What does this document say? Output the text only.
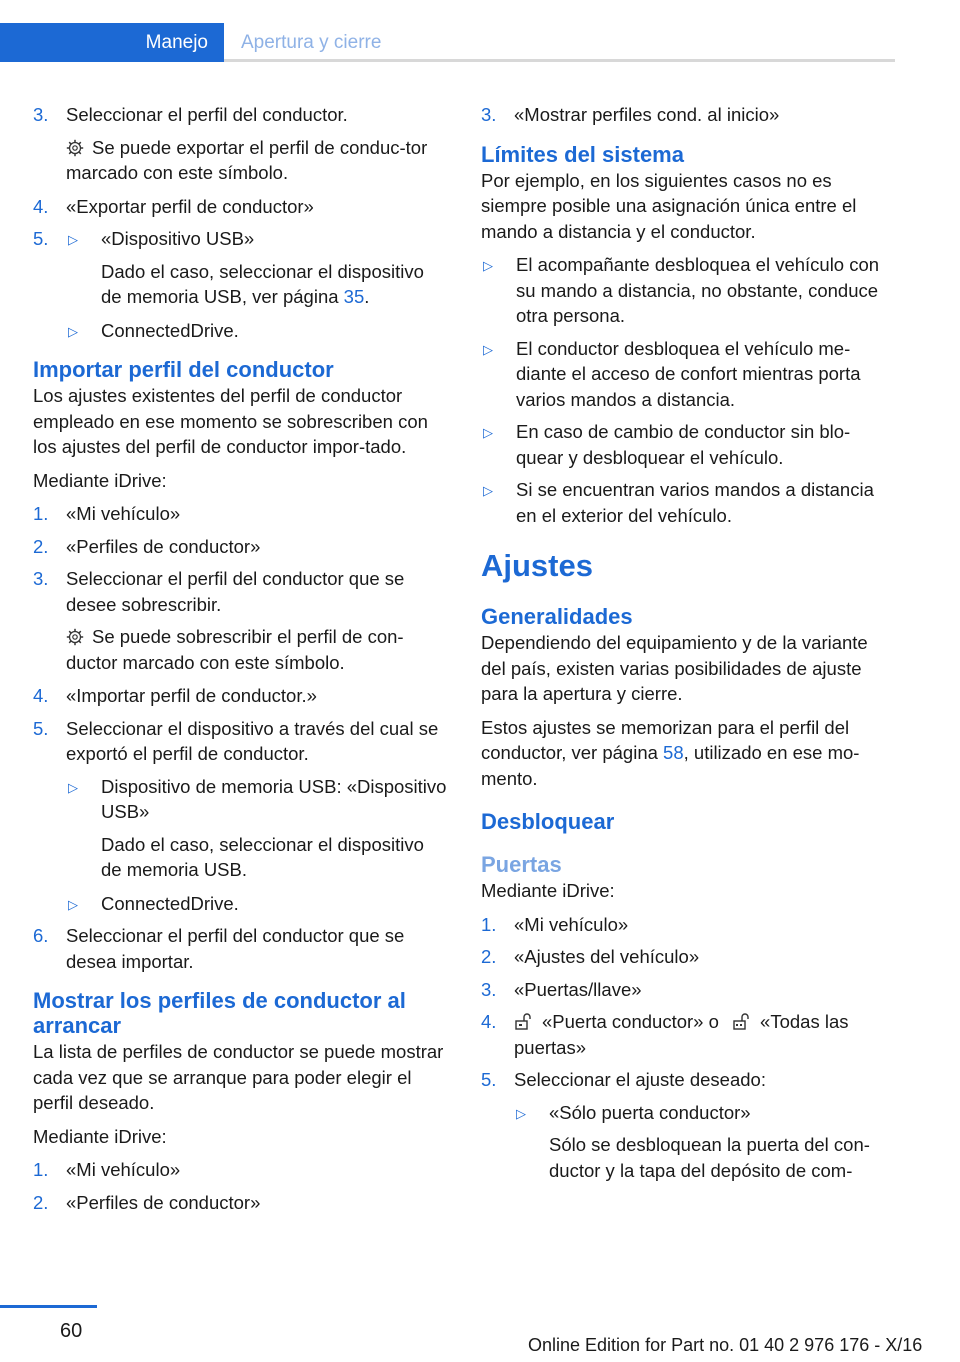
Manejo Apertura y cierre
3. Seleccionar el perfil del conductor.
Se puede exportar el perfil de conduc-tor marcado con este símbolo.
4. «Exportar perfil de conductor»
5. ▷ «Dispositivo USB»
Dado el caso, seleccionar el dispositivo de memoria USB, ver página 35.
▷ ConnectedDrive.
Importar perfil del conductor

Los ajustes existentes del perfil de conductor empleado en ese momento se sobrescriben con los ajustes del perfil de conductor impor-tado.

Mediante iDrive:

1. «Mi vehículo»
2. «Perfiles de conductor»
3. Seleccionar el perfil del conductor que se desee sobrescribir.
Se puede sobrescribir el perfil de con-ductor marcado con este símbolo.
4. «Importar perfil de conductor.»
5. Seleccionar el dispositivo a través del cual se exportó el perfil de conductor.
▷ Dispositivo de memoria USB: «Dispositivo USB»
Dado el caso, seleccionar el dispositivo de memoria USB.
▷ ConnectedDrive.
6. Seleccionar el perfil del conductor que se desea importar.
Mostrar los perfiles de conductor al arrancar

La lista de perfiles de conductor se puede mostrar cada vez que se arranque para poder elegir el perfil deseado.

Mediante iDrive:

1. «Mi vehículo»
2. «Perfiles de conductor»
3. «Mostrar perfiles cond. al inicio»
Límites del sistema

Por ejemplo, en los siguientes casos no es siempre posible una asignación única entre el mando a distancia y el conductor.

▷ El acompañante desbloquea el vehículo con su mando a distancia, no obstante, conduce otra persona.
▷ El conductor desbloquea el vehículo me-diante el acceso de confort mientras porta varios mandos a distancia.
▷ En caso de cambio de conductor sin blo-quear y desbloquear el vehículo.
▷ Si se encuentran varios mandos a distancia en el exterior del vehículo.
Ajustes
Generalidades

Dependiendo del equipamiento y de la variante del país, existen varias posibilidades de ajuste para la apertura y cierre.

Estos ajustes se memorizan para el perfil del conductor, ver página 58, utilizado en ese mo-mento.

Desbloquear
Puertas

Mediante iDrive:

1. «Mi vehículo»
2. «Ajustes del vehículo»
3. «Puertas/llave»
4. «Puerta conductor» o «Todas las puertas»
5. Seleccionar el ajuste deseado:
▷ «Sólo puerta conductor»
Sólo se desbloquean la puerta del con-ductor y la tapa del depósito de com-
60
Online Edition for Part no. 01 40 2 976 176 - X/16
